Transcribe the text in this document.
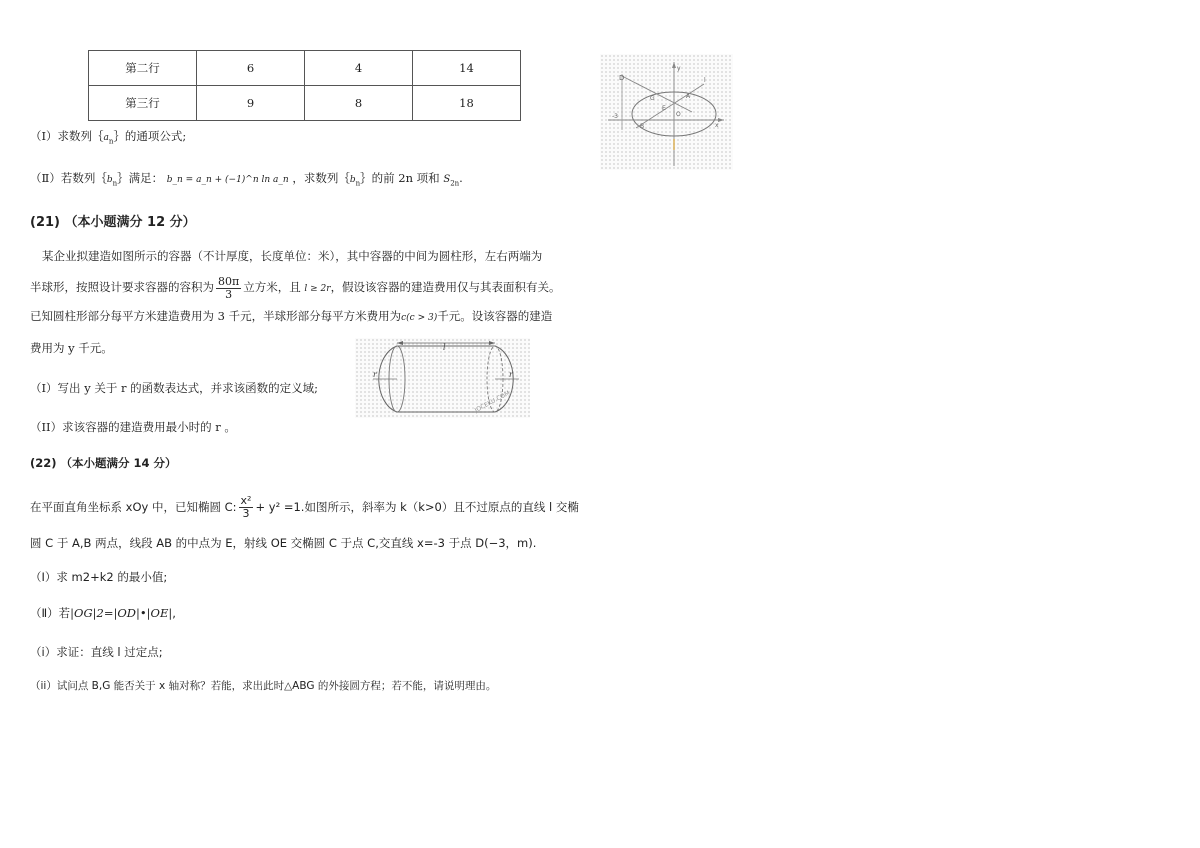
第二行	6	4	14
第三行	9	8	18
（Ⅰ）求数列$\{a_n\}$的通项公式;
（Ⅱ）若数列$\{b_n\}$满足： b_n = a_n + (−1)^n ln a_n ，求数列$\{b_n\}$的前 2n 项和 $S_{2n}$.
(21) （本小题满分 12 分）
某企业拟建造如图所示的容器（不计厚度，长度单位：米），其中容器的中间为圆柱形，左右两端为
半球形，按照设计要求容器的容积为 $\frac{80\pi}{3}$ 立方米，且 l ≥ 2r，假设该容器的建造费用仅与其表面积有关。
已知圆柱形部分每平方米建造费用为 3 千元，半球形部分每平方米费用为c(c > 3)千元。设该容器的建造
费用为 y 千元。
（I）写出 y 关于 r 的函数表达式，并求该函数的定义域;
（II）求该容器的建造费用最小时的 r 。
l
r	r
JOCEKU.COM
(22) （本小题满分 14 分）
在平面直角坐标系 xOy 中，已知椭圆 C: $\frac{\text{x²}}{3} + y^2 =1$.如图所示，斜率为 k（k>0）且不过原点的直线 l 交椭
圆 C 于 A,B 两点，线段 AB 的中点为 E，射线 OE 交椭圆 C 于点 C,交直线 x=-3 于点 D(−3，m).
（Ⅰ）求 m2+k2 的最小值;
（Ⅱ）若|OG|2=|OD|•|OE|,
（i）求证：直线 l 过定点;
（ii）试问点 B,G 能否关于 x 轴对称？若能，求出此时△ABG 的外接圆方程；若不能，请说明理由。
D
y
G	A
E
O
B	x
-3
l
